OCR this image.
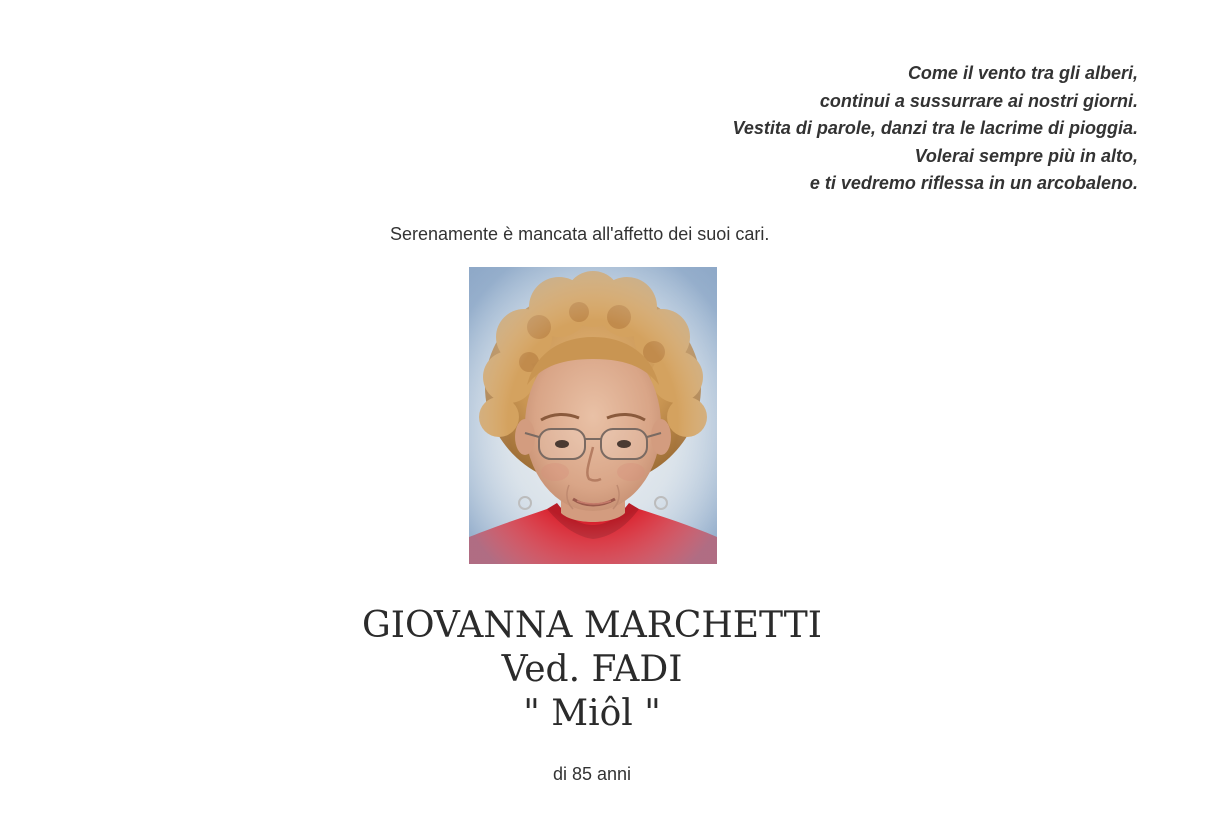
Come il vento tra gli alberi,
continui a sussurrare ai nostri giorni.
Vestita di parole, danzi tra le lacrime di pioggia.
Volerai sempre più in alto,
e ti vedremo riflessa in un arcobaleno.
Serenamente è mancata all'affetto dei suoi cari.
GIOVANNA MARCHETTI
Ved. FADI
" Miôl "
di 85 anni
